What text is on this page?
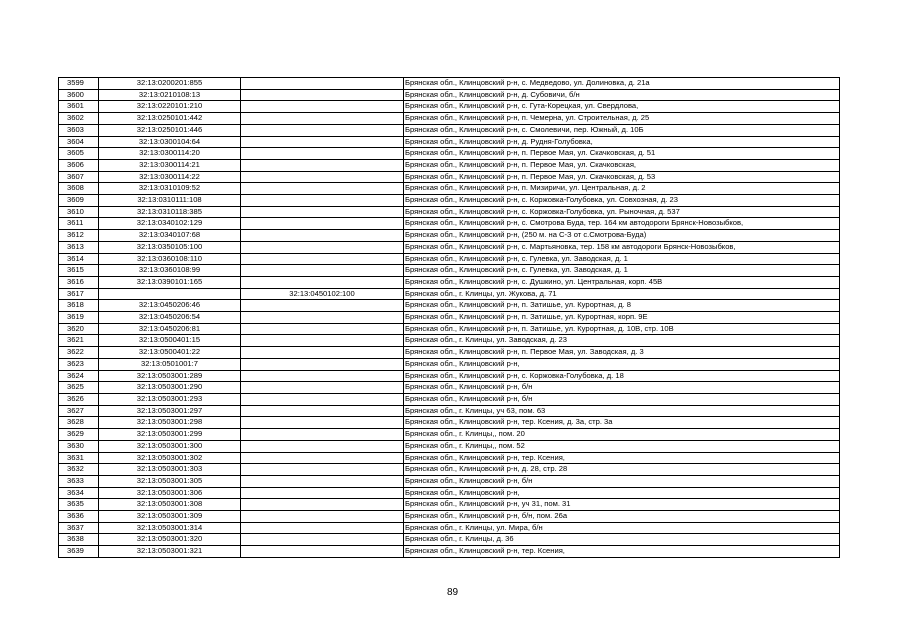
3599	32:13:0200201:855		Брянская обл., Клинцовский р-н, с. Медведово, ул. Долиновка, д. 21а
3600	32:13:0210108:13		Брянская обл., Клинцовский р-н, д. Субовичи, б/н
3601	32:13:0220101:210		Брянская обл., Клинцовский р-н, с. Гута-Корецкая, ул. Свердлова,
3602	32:13:0250101:442		Брянская обл., Клинцовский р-н, п. Чемерна, ул. Строительная, д. 25
3603	32:13:0250101:446		Брянская обл., Клинцовский р-н, с. Смолевичи, пер. Южный, д. 10Б
3604	32:13:0300104:64		Брянская обл., Клинцовский р-н, д. Рудня-Голубовка,
3605	32:13:0300114:20		Брянская обл., Клинцовский р-н, п. Первое Мая, ул. Скачковская, д. 51
3606	32:13:0300114:21		Брянская обл., Клинцовский р-н, п. Первое Мая, ул. Скачковская,
3607	32:13:0300114:22		Брянская обл., Клинцовский р-н, п. Первое Мая, ул. Скачковская, д. 53
3608	32:13:0310109:52		Брянская обл., Клинцовский р-н, п. Мизиричи, ул. Центральная, д. 2
3609	32:13:0310111:108		Брянская обл., Клинцовский р-н, с. Коржовка-Голубовка, ул. Совхозная, д. 23
3610	32:13:0310118:385		Брянская обл., Клинцовский р-н, с. Коржовка-Голубовка, ул. Рыночная, д. 537
3611	32:13:0340102:129		Брянская обл., Клинцовский р-н, с. Смотрова Буда, тер. 164 км автодороги Брянск-Новозыбков,
3612	32:13:0340107:68		Брянская обл., Клинцовский р-н, (250 м. на С-З от с.Смотрова-Буда)
3613	32:13:0350105:100		Брянская обл., Клинцовский р-н, с. Мартьяновка, тер. 158 км автодороги Брянск-Новозыбков,
3614	32:13:0360108:110		Брянская обл., Клинцовский р-н, с. Гулевка, ул. Заводская, д. 1
3615	32:13:0360108:99		Брянская обл., Клинцовский р-н, с. Гулевка, ул. Заводская, д. 1
3616	32:13:0390101:165		Брянская обл., Клинцовский р-н, с. Душкино, ул. Центральная, корп. 45В
3617		32:13:0450102:100	Брянская обл., г. Клинцы, ул. Жукова, д. 71
3618	32:13:0450206:46		Брянская обл., Клинцовский р-н, п. Затишье, ул. Курортная, д. 8
3619	32:13:0450206:54		Брянская обл., Клинцовский р-н, п. Затишье, ул. Курортная, корп. 9Е
3620	32:13:0450206:81		Брянская обл., Клинцовский р-н, п. Затишье, ул. Курортная, д. 10В, стр. 10В
3621	32:13:0500401:15		Брянская обл., г. Клинцы, ул. Заводская, д. 23
3622	32:13:0500401:22		Брянская обл., Клинцовский р-н, п. Первое Мая, ул. Заводская, д. 3
3623	32:13:0501001:7		Брянская обл., Клинцовский р-н,
3624	32:13:0503001:289		Брянская обл., Клинцовский р-н, с. Коржовка-Голубовка, д. 18
3625	32:13:0503001:290		Брянская обл., Клинцовский р-н, б/н
3626	32:13:0503001:293		Брянская обл., Клинцовский р-н, б/н
3627	32:13:0503001:297		Брянская обл., г. Клинцы, уч 63, пом. 63
3628	32:13:0503001:298		Брянская обл., Клинцовский р-н, тер. Ксения, д. 3а, стр. 3а
3629	32:13:0503001:299		Брянская обл., г. Клинцы,, пом. 20
3630	32:13:0503001:300		Брянская обл., г. Клинцы,, пом. 52
3631	32:13:0503001:302		Брянская обл., Клинцовский р-н, тер. Ксения,
3632	32:13:0503001:303		Брянская обл., Клинцовский р-н, д. 28, стр. 28
3633	32:13:0503001:305		Брянская обл., Клинцовский р-н, б/н
3634	32:13:0503001:306		Брянская обл., Клинцовский р-н,
3635	32:13:0503001:308		Брянская обл., Клинцовский р-н, уч 31, пом. 31
3636	32:13:0503001:309		Брянская обл., Клинцовский р-н, б/н, пом. 26а
3637	32:13:0503001:314		Брянская обл., г. Клинцы, ул. Мира, б/н
3638	32:13:0503001:320		Брянская обл., г. Клинцы, д. 36
3639	32:13:0503001:321		Брянская обл., Клинцовский р-н, тер. Ксения,
89
